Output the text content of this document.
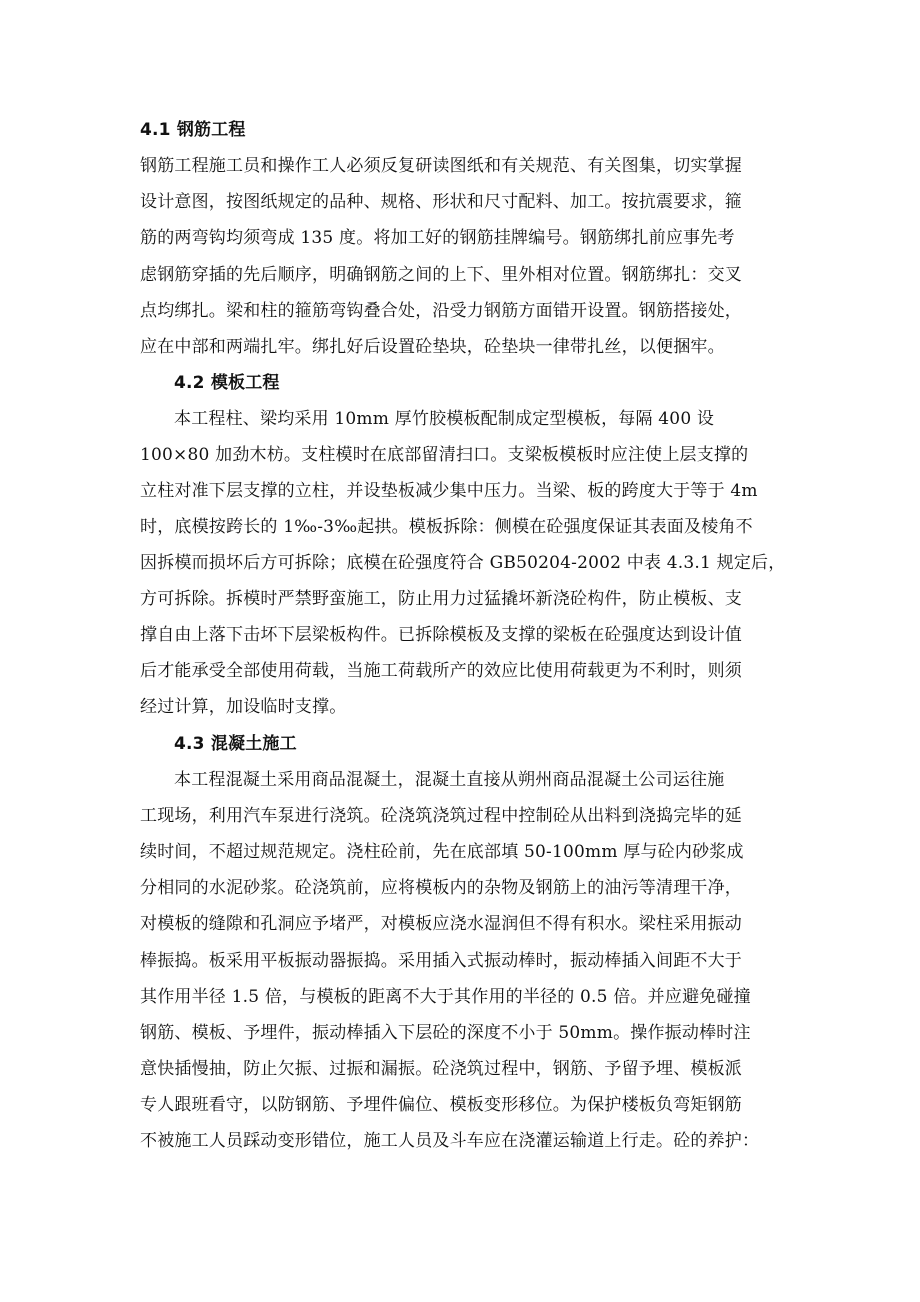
4.1 钢筋工程
钢筋工程施工员和操作工人必须反复研读图纸和有关规范、有关图集，切实掌握
设计意图，按图纸规定的品种、规格、形状和尺寸配料、加工。按抗震要求，箍
筋的两弯钩均须弯成 135 度。将加工好的钢筋挂牌编号。钢筋绑扎前应事先考
虑钢筋穿插的先后顺序，明确钢筋之间的上下、里外相对位置。钢筋绑扎：交叉
点均绑扎。梁和柱的箍筋弯钩叠合处，沿受力钢筋方面错开设置。钢筋搭接处，
应在中部和两端扎牢。绑扎好后设置砼垫块，砼垫块一律带扎丝，以便捆牢。
4.2 模板工程
本工程柱、梁均采用 10mm 厚竹胶模板配制成定型模板，每隔 400 设
100×80 加劲木枋。支柱模时在底部留清扫口。支梁板模板时应注使上层支撑的
立柱对准下层支撑的立柱，并设垫板减少集中压力。当梁、板的跨度大于等于 4m
时，底模按跨长的 1‰-3‰起拱。模板拆除：侧模在砼强度保证其表面及棱角不
因拆模而损坏后方可拆除；底模在砼强度符合 GB50204-2002 中表 4.3.1 规定后，
方可拆除。拆模时严禁野蛮施工，防止用力过猛撬坏新浇砼构件，防止模板、支
撑自由上落下击坏下层梁板构件。已拆除模板及支撑的梁板在砼强度达到设计值
后才能承受全部使用荷载，当施工荷载所产的效应比使用荷载更为不利时，则须
经过计算，加设临时支撑。
4.3 混凝土施工
本工程混凝土采用商品混凝土，混凝土直接从朔州商品混凝土公司运往施
工现场，利用汽车泵进行浇筑。砼浇筑浇筑过程中控制砼从出料到浇捣完毕的延
续时间，不超过规范规定。浇柱砼前，先在底部填 50-100mm 厚与砼内砂浆成
分相同的水泥砂浆。砼浇筑前，应将模板内的杂物及钢筋上的油污等清理干净，
对模板的缝隙和孔洞应予堵严，对模板应浇水湿润但不得有积水。梁柱采用振动
棒振捣。板采用平板振动器振捣。采用插入式振动棒时，振动棒插入间距不大于
其作用半径 1.5 倍，与模板的距离不大于其作用的半径的 0.5 倍。并应避免碰撞
钢筋、模板、予埋件，振动棒插入下层砼的深度不小于 50mm。操作振动棒时注
意快插慢抽，防止欠振、过振和漏振。砼浇筑过程中，钢筋、予留予埋、模板派
专人跟班看守，以防钢筋、予埋件偏位、模板变形移位。为保护楼板负弯矩钢筋
不被施工人员踩动变形错位，施工人员及斗车应在浇灌运输道上行走。砼的养护：
